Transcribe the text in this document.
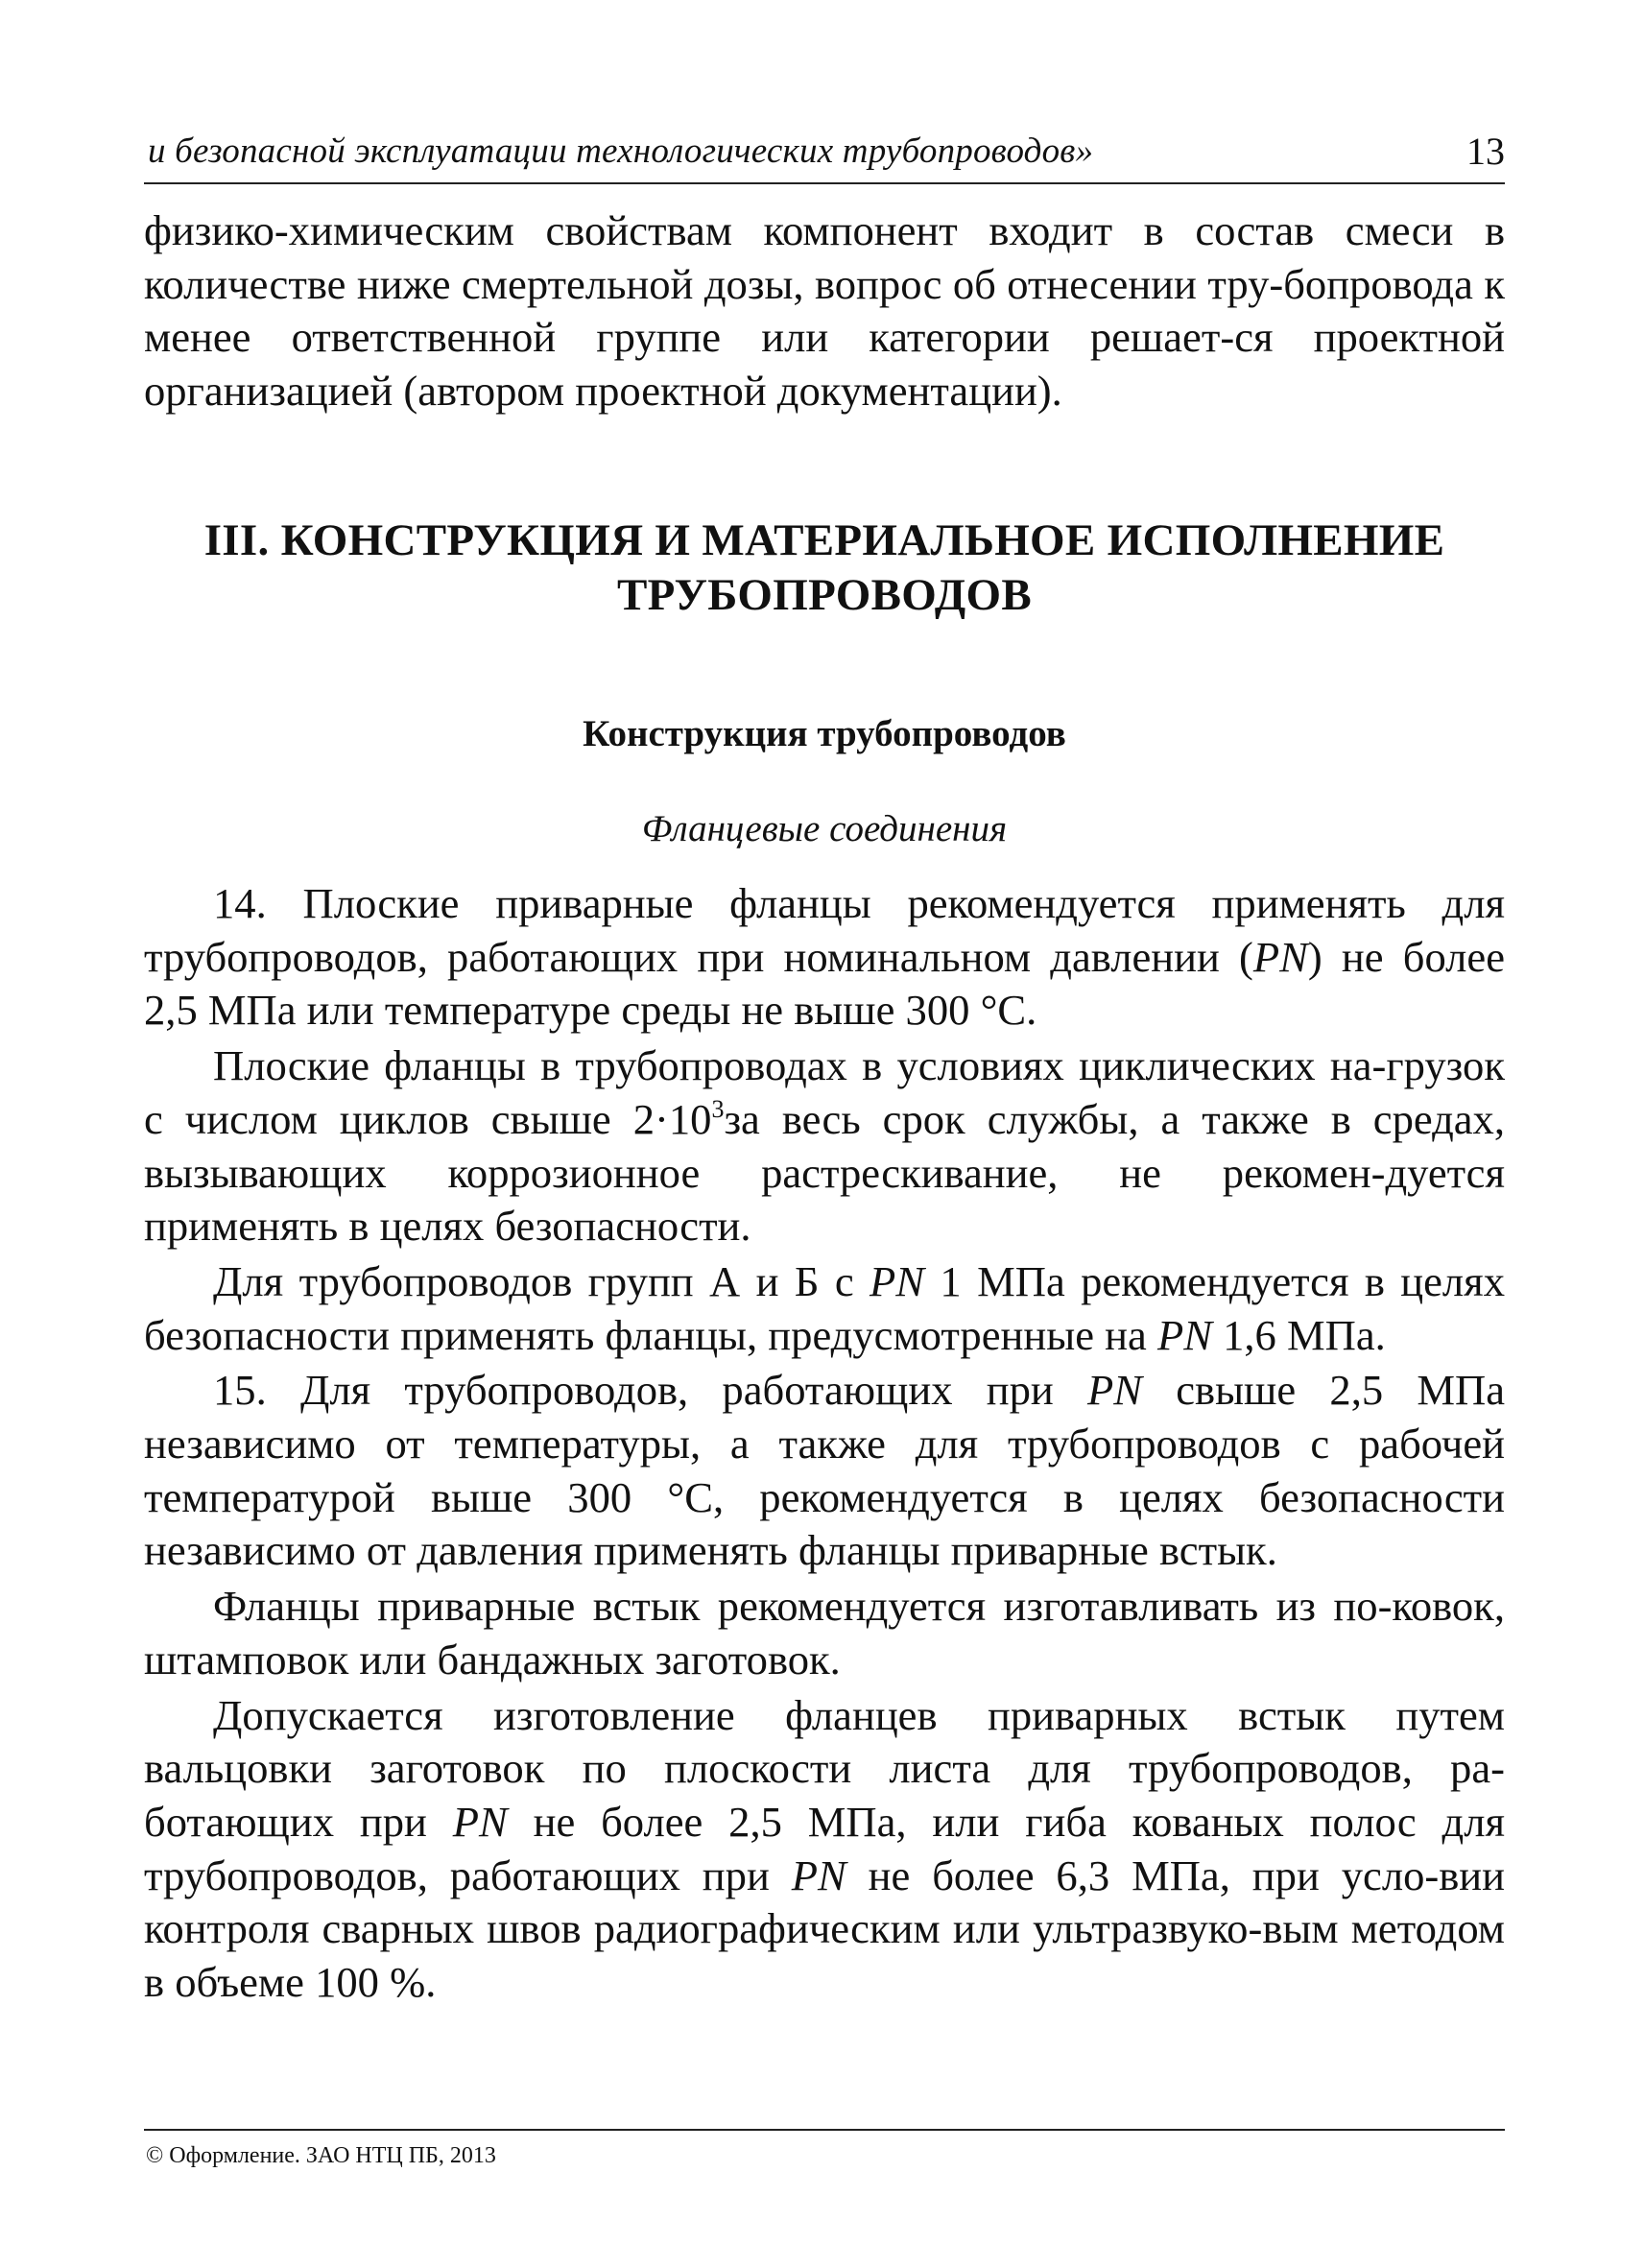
и безопасной эксплуатации технологических трубопроводов»	13

физико-химическим свойствам компонент входит в состав смеси в количестве ниже смертельной дозы, вопрос об отнесении тру-бопровода к менее ответственной группе или категории решает-ся проектной организацией (автором проектной документации).

III. КОНСТРУКЦИЯ И МАТЕРИАЛЬНОЕ ИСПОЛНЕНИЕ
ТРУБОПРОВОДОВ
Конструкция трубопроводов
Фланцевые соединения

14. Плоские приварные фланцы рекомендуется применять для трубопроводов, работающих при номинальном давлении (PN) не более 2,5 МПа или температуре среды не выше 300 °С.

Плоские фланцы в трубопроводах в условиях циклических на-грузок с числом циклов свыше $2\cdot 10^3за$ весь срок службы, а также в средах, вызывающих коррозионное растрескивание, не рекомен-дуется применять в целях безопасности.

Для трубопроводов групп А и Б с PN 1 МПа рекомендуется в целях безопасности применять фланцы, предусмотренные на PN 1,6 МПа.

15. Для трубопроводов, работающих при PN свыше 2,5 МПа независимо от температуры, а также для трубопроводов с рабочей температурой выше 300 °С, рекомендуется в целях безопасности независимо от давления применять фланцы приварные встык.

Фланцы приварные встык рекомендуется изготавливать из по-ковок, штамповок или бандажных заготовок.

Допускается изготовление фланцев приварных встык путем вальцовки заготовок по плоскости листа для трубопроводов, ра-ботающих при PN не более 2,5 МПа, или гиба кованых полос для трубопроводов, работающих при PN не более 6,3 МПа, при усло-вии контроля сварных швов радиографическим или ультразвуко-вым методом в объеме 100 %.

© Оформление. ЗАО НТЦ ПБ, 2013
